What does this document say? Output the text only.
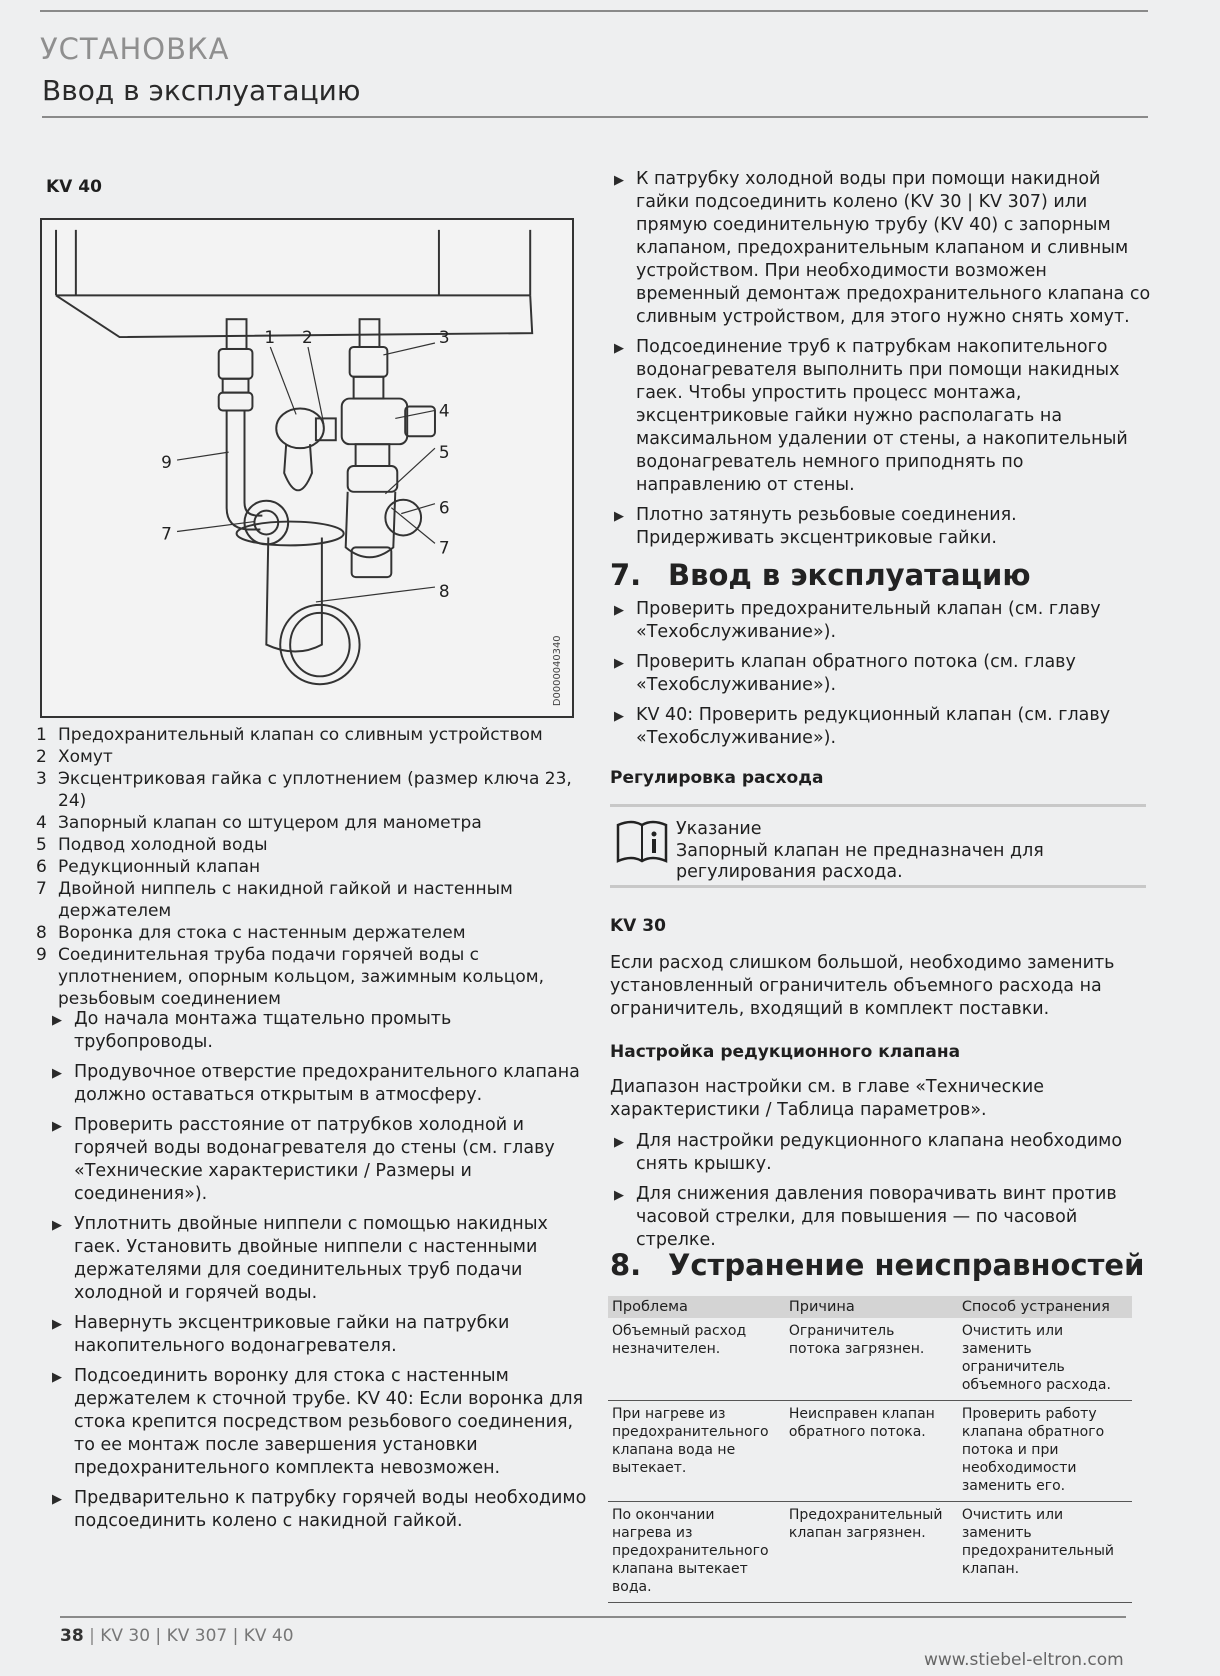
УСТАНОВКА
Ввод в эксплуатацию
KV 40
1 2	3
4
5
6
7
8
9
7
D0000040340
1 Предохранительный клапан со сливным устройством
2 Хомут
3 Эксцентриковая гайка с уплотнением (размер ключа 23, 24)
4 Запорный клапан со штуцером для манометра
5 Подвод холодной воды
6 Редукционный клапан
7 Двойной ниппель с накидной гайкой и настенным держателем
8 Воронка для стока с настенным держателем
9 Соединительная труба подачи горячей воды с уплотнением, опорным кольцом, зажимным кольцом, резьбовым соединением
▶ До начала монтажа тщательно промыть трубопроводы.
▶ Продувочное отверстие предохранительного клапана должно оставаться открытым в атмосферу.
▶ Проверить расстояние от патрубков холодной и горячей воды водонагревателя до стены (см. главу «Технические характеристики / Размеры и соединения»).
▶ Уплотнить двойные ниппели с помощью накидных гаек. Установить двойные ниппели с настенными держателями для соединительных труб подачи холодной и горячей воды.
▶ Навернуть эксцентриковые гайки на патрубки накопительного водонагревателя.
▶ Подсоединить воронку для стока с настенным держателем к сточной трубе. KV 40: Если воронка для стока крепится посредством резьбового соединения, то ее монтаж после завершения установки предохранительного комплекта невозможен.
▶ Предварительно к патрубку горячей воды необходимо подсоединить колено с накидной гайкой.
▶ К патрубку холодной воды при помощи накидной гайки подсоединить колено (KV 30 | KV 307) или прямую соединительную трубу (KV 40) с запорным клапаном, предохранительным клапаном и сливным устройством. При необходимости возможен временный демонтаж предохранительного клапана со сливным устройством, для этого нужно снять хомут.
▶ Подсоединение труб к патрубкам накопительного водонагревателя выполнить при помощи накидных гаек. Чтобы упростить процесс монтажа, эксцентриковые гайки нужно располагать на максимальном удалении от стены, а накопительный водонагреватель немного приподнять по направлению от стены.
▶ Плотно затянуть резьбовые соединения. Придерживать эксцентриковые гайки.
7. Ввод в эксплуатацию
▶ Проверить предохранительный клапан (см. главу «Техобслуживание»).
▶ Проверить клапан обратного потока (см. главу «Техобслуживание»).
▶ KV 40: Проверить редукционный клапан (см. главу «Техобслуживание»).
Регулировка расхода
Указание
Запорный клапан не предназначен для регулирования расхода.
KV 30

Если расход слишком большой, необходимо заменить установленный ограничитель объемного расхода на ограничитель, входящий в комплект поставки.

Настройка редукционного клапана

Диапазон настройки см. в главе «Технические характеристики / Таблица параметров».

▶ Для настройки редукционного клапана необходимо снять крышку.
▶ Для снижения давления поворачивать винт против часовой стрелки, для повышения — по часовой стрелке.
8. Устранение неисправностей
Проблема	Причина	Способ устранения
Объемный расход незначителен.	Ограничитель потока загрязнен.	Очистить или заменить ограничитель объемного расхода.
При нагреве из предохранительного клапана вода не вытекает.	Неисправен клапан обратного потока.	Проверить работу клапана обратного потока и при необходимости заменить его.
По окончании нагрева из предохранительного клапана вытекает вода.	Предохранительный клапан загрязнен.	Очистить или заменить предохранительный клапан.
38 | KV 30 | KV 307 | KV 40
www.stiebel-eltron.com
